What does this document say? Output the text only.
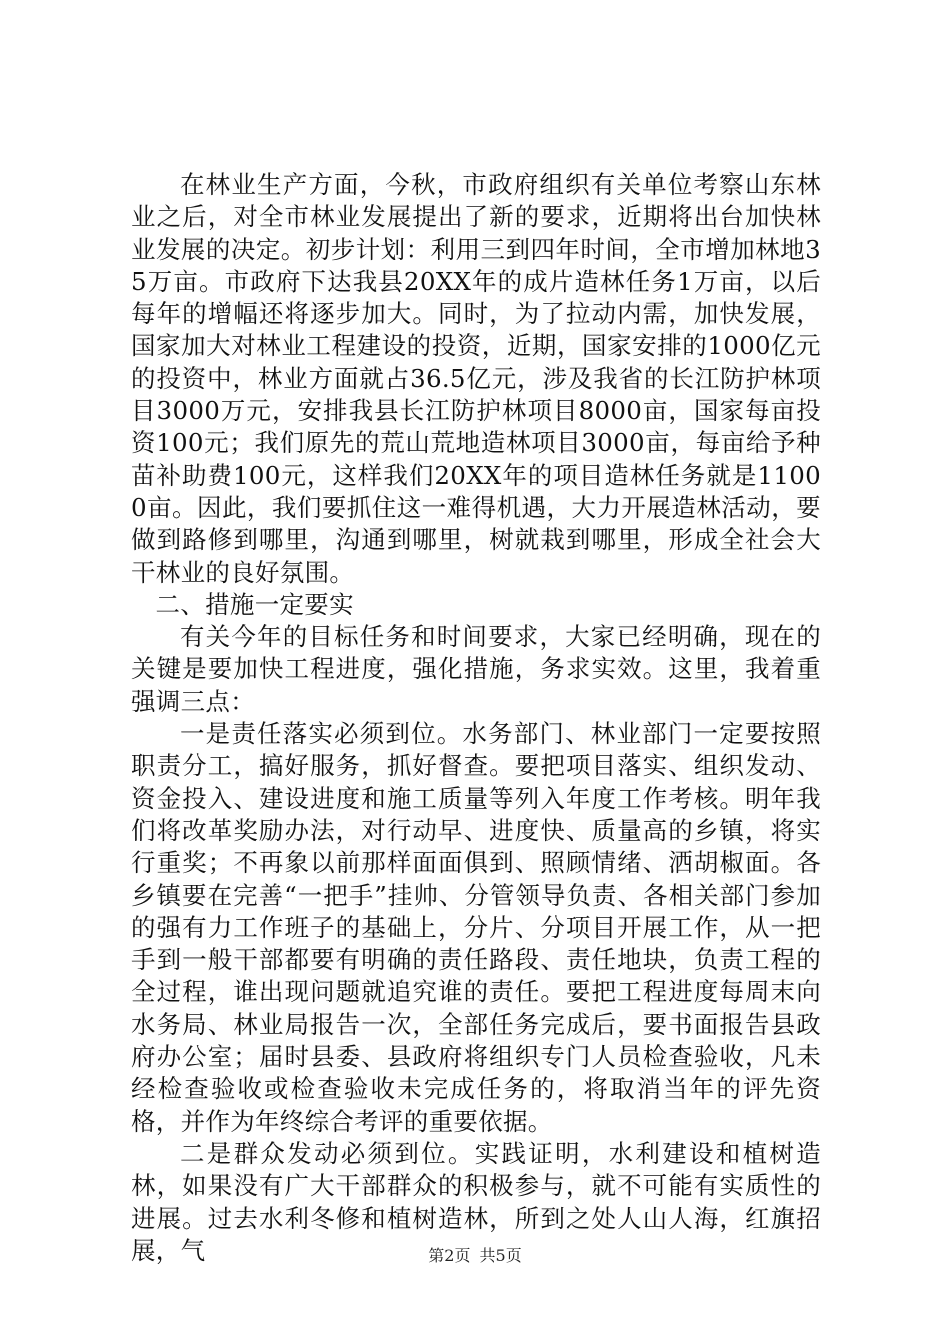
在林业生产方面，今秋，市政府组织有关单位考察山东林业之后，对全市林业发展提出了新的要求，近期将出台加快林业发展的决定。初步计划：利用三到四年时间，全市增加林地35万亩。市政府下达我县20XX年的成片造林任务1万亩，以后每年的增幅还将逐步加大。同时，为了拉动内需，加快发展，国家加大对林业工程建设的投资，近期，国家安排的1000亿元的投资中，林业方面就占36.5亿元，涉及我省的长江防护林项目3000万元，安排我县长江防护林项目8000亩，国家每亩投资100元；我们原先的荒山荒地造林项目3000亩，每亩给予种苗补助费100元，这样我们20XX年的项目造林任务就是11000亩。因此，我们要抓住这一难得机遇，大力开展造林活动，要做到路修到哪里，沟通到哪里，树就栽到哪里，形成全社会大干林业的良好氛围。

二、措施一定要实

有关今年的目标任务和时间要求，大家已经明确，现在的关键是要加快工程进度，强化措施，务求实效。这里，我着重强调三点：

一是责任落实必须到位。水务部门、林业部门一定要按照职责分工，搞好服务，抓好督查。要把项目落实、组织发动、资金投入、建设进度和施工质量等列入年度工作考核。明年我们将改革奖励办法，对行动早、进度快、质量高的乡镇，将实行重奖；不再象以前那样面面俱到、照顾情绪、洒胡椒面。各乡镇要在完善“一把手”挂帅、分管领导负责、各相关部门参加的强有力工作班子的基础上，分片、分项目开展工作，从一把手到一般干部都要有明确的责任路段、责任地块，负责工程的全过程，谁出现问题就追究谁的责任。要把工程进度每周末向水务局、林业局报告一次，全部任务完成后，要书面报告县政府办公室；届时县委、县政府将组织专门人员检查验收，凡未经检查验收或检查验收未完成任务的，将取消当年的评先资格，并作为年终综合考评的重要依据。

二是群众发动必须到位。实践证明，水利建设和植树造林，如果没有广大干部群众的积极参与，就不可能有实质性的进展。过去水利冬修和植树造林，所到之处人山人海，红旗招展，气	第2页 共5页
